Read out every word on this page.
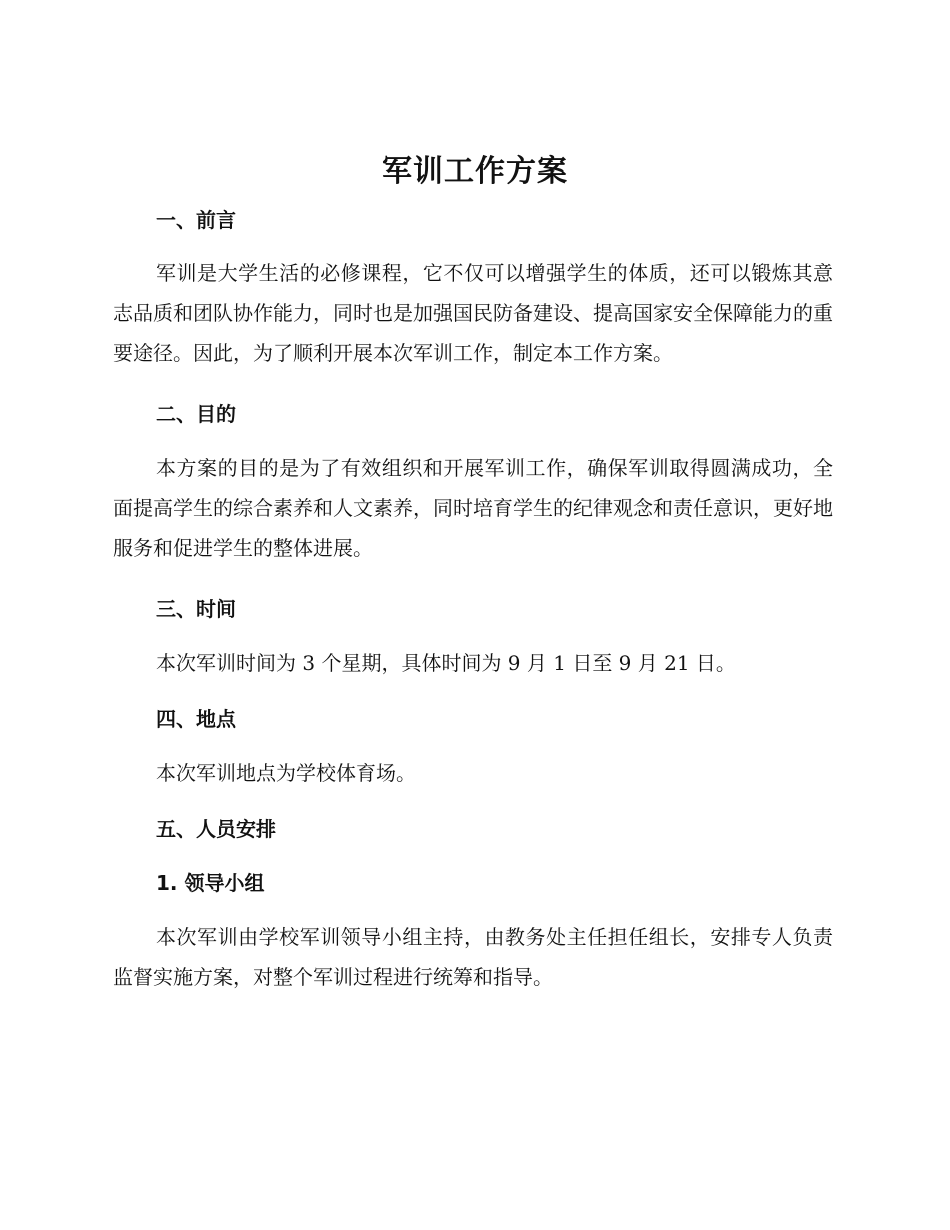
军训工作方案
一、前言
军训是大学生活的必修课程，它不仅可以增强学生的体质，还可以锻炼其意志品质和团队协作能力，同时也是加强国民防备建设、提高国家安全保障能力的重要途径。因此，为了顺利开展本次军训工作，制定本工作方案。
二、目的
本方案的目的是为了有效组织和开展军训工作，确保军训取得圆满成功，全面提高学生的综合素养和人文素养，同时培育学生的纪律观念和责任意识，更好地服务和促进学生的整体进展。
三、时间
本次军训时间为 3 个星期，具体时间为 9 月 1 日至 9 月 21 日。
四、地点
本次军训地点为学校体育场。
五、人员安排
1. 领导小组
本次军训由学校军训领导小组主持，由教务处主任担任组长，安排专人负责监督实施方案，对整个军训过程进行统筹和指导。
